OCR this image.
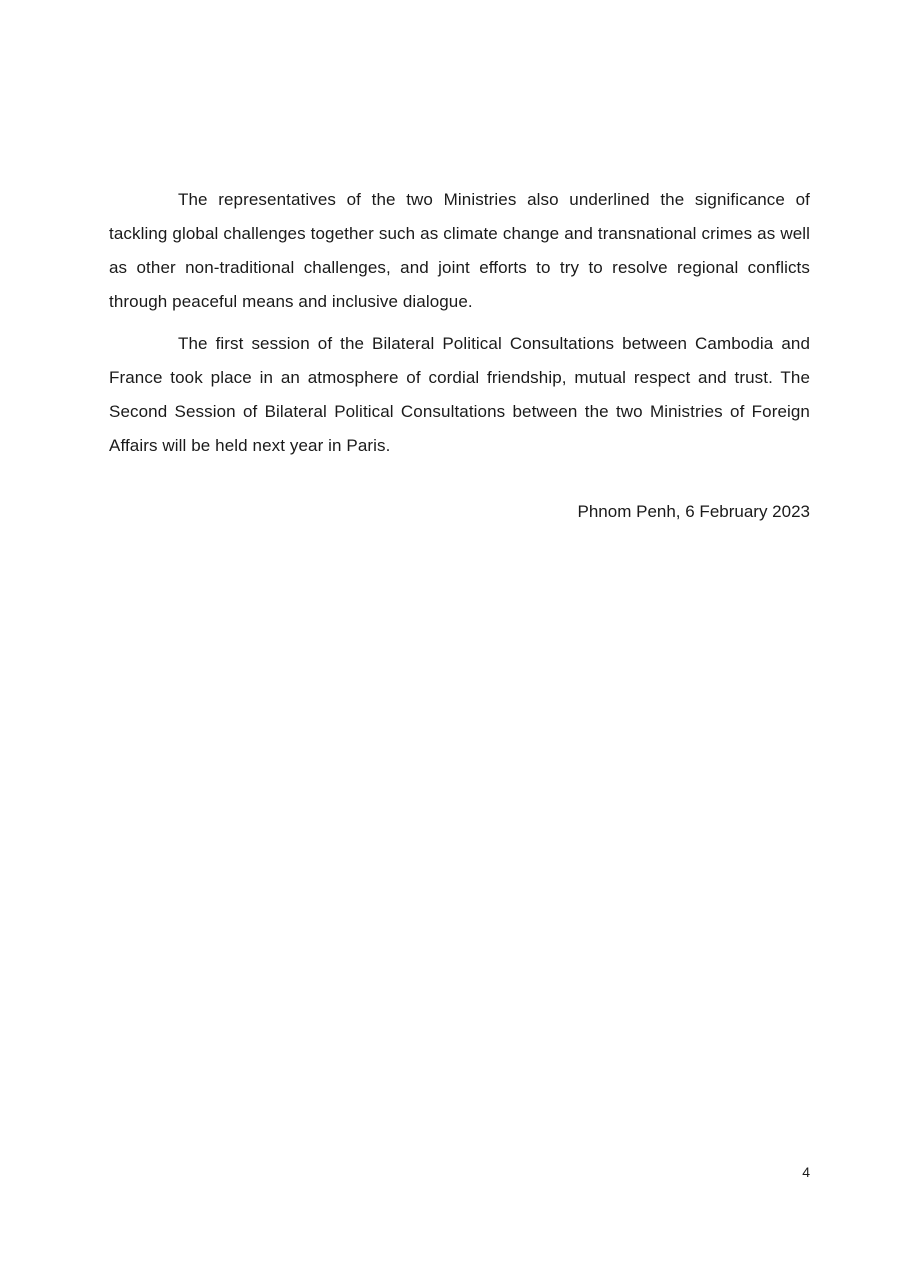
The representatives of the two Ministries also underlined the significance of tackling global challenges together such as climate change and transnational crimes as well as other non-traditional challenges, and joint efforts to try to resolve regional conflicts through peaceful means and inclusive dialogue.

The first session of the Bilateral Political Consultations between Cambodia and France took place in an atmosphere of cordial friendship, mutual respect and trust. The Second Session of Bilateral Political Consultations between the two Ministries of Foreign Affairs will be held next year in Paris.

Phnom Penh, 6 February 2023
4
